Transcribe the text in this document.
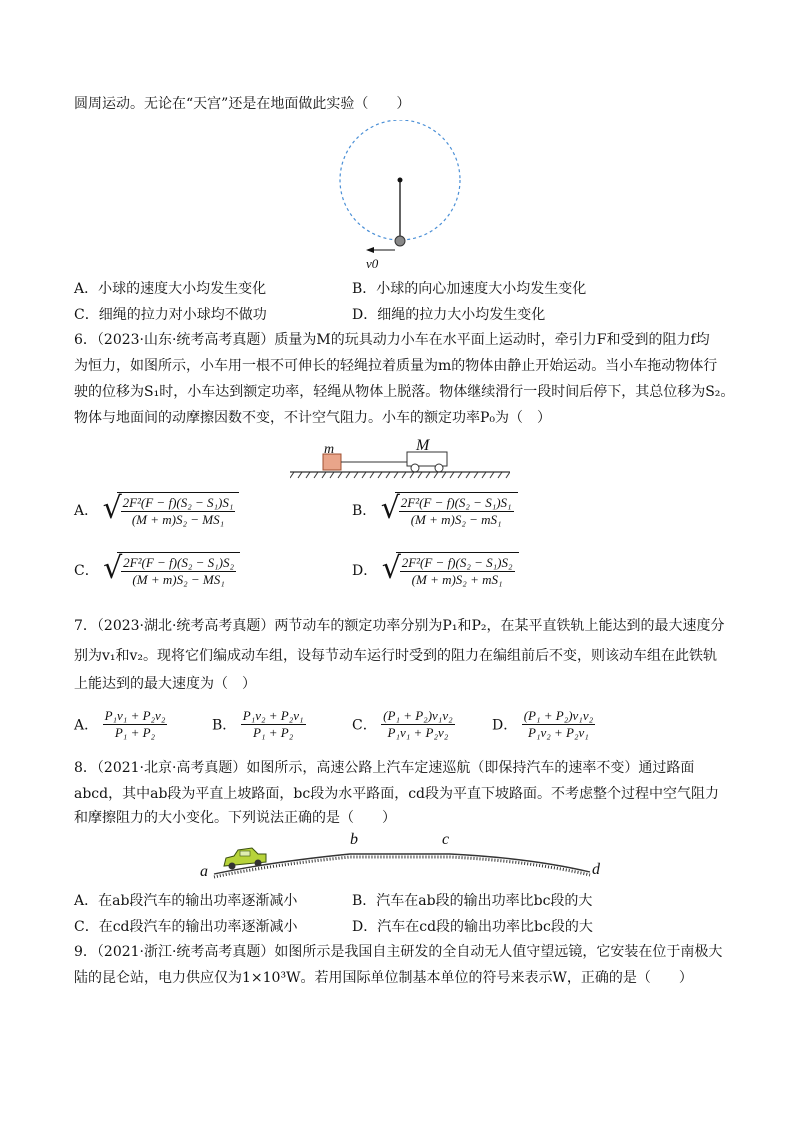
圆周运动。无论在“天宫”还是在地面做此实验（　　）
v0
A．小球的速度大小均发生变化	B．小球的向心加速度大小均发生变化
C．细绳的拉力对小球均不做功	D．细绳的拉力大小均发生变化
6．（2023·山东·统考高考真题）质量为M的玩具动力小车在水平面上运动时，牵引力F和受到的阻力f均
为恒力，如图所示，小车用一根不可伸长的轻绳拉着质量为m的物体由静止开始运动。当小车拖动物体行
驶的位移为S₁时，小车达到额定功率，轻绳从物体上脱落。物体继续滑行一段时间后停下，其总位移为S₂。
物体与地面间的动摩擦因数不变，不计空气阻力。小车的额定功率P₀为（　）
m	M
A． √
$\frac{\text{2F²(F − f)(S₂ − S₁)S₁}}{\text{(M + m)S₂ − MS₁}}$	B． √
$\frac{\text{2F²(F − f)(S₂ − S₁)S₁}}{\text{(M + m)S₂ − mS₁}}$
C． √
$\frac{\text{2F²(F − f)(S₂ − S₁)S₂}}{\text{(M + m)S₂ − MS₁}}$	D． √
$\frac{\text{2F²(F − f)(S₂ − S₁)S₂}}{\text{(M + m)S₂ + mS₁}}$
7．（2023·湖北·统考高考真题）两节动车的额定功率分别为P₁和P₂，在某平直铁轨上能达到的最大速度分
别为v₁和v₂。现将它们编成动车组，设每节动车运行时受到的阻力在编组前后不变，则该动车组在此铁轨
上能达到的最大速度为（　）
A． $\frac{\text{P₁v₁ + P₂v₂}}{\text{P₁ + P₂}}$	B． $\frac{\text{P₁v₂ + P₂v₁}}{\text{P₁ + P₂}}$	C． $\frac{\text{(P₁ + P₂)v₁v₂}}{\text{P₁v₁ + P₂v₂}}$	D． $\frac{\text{(P₁ + P₂)v₁v₂}}{\text{P₁v₂ + P₂v₁}}$
8．（2021·北京·高考真题）如图所示，高速公路上汽车定速巡航（即保持汽车的速率不变）通过路面
abcd，其中ab段为平直上坡路面，bc段为水平路面，cd段为平直下坡路面。不考虑整个过程中空气阻力
和摩擦阻力的大小变化。下列说法正确的是（　　）
a
b	c
d
A．在ab段汽车的输出功率逐渐减小	B．汽车在ab段的输出功率比bc段的大
C．在cd段汽车的输出功率逐渐减小	D．汽车在cd段的输出功率比bc段的大
9．（2021·浙江·统考高考真题）如图所示是我国自主研发的全自动无人值守望远镜，它安装在位于南极大
陆的昆仑站，电力供应仅为1×10³W。若用国际单位制基本单位的符号来表示W，正确的是（　　）
